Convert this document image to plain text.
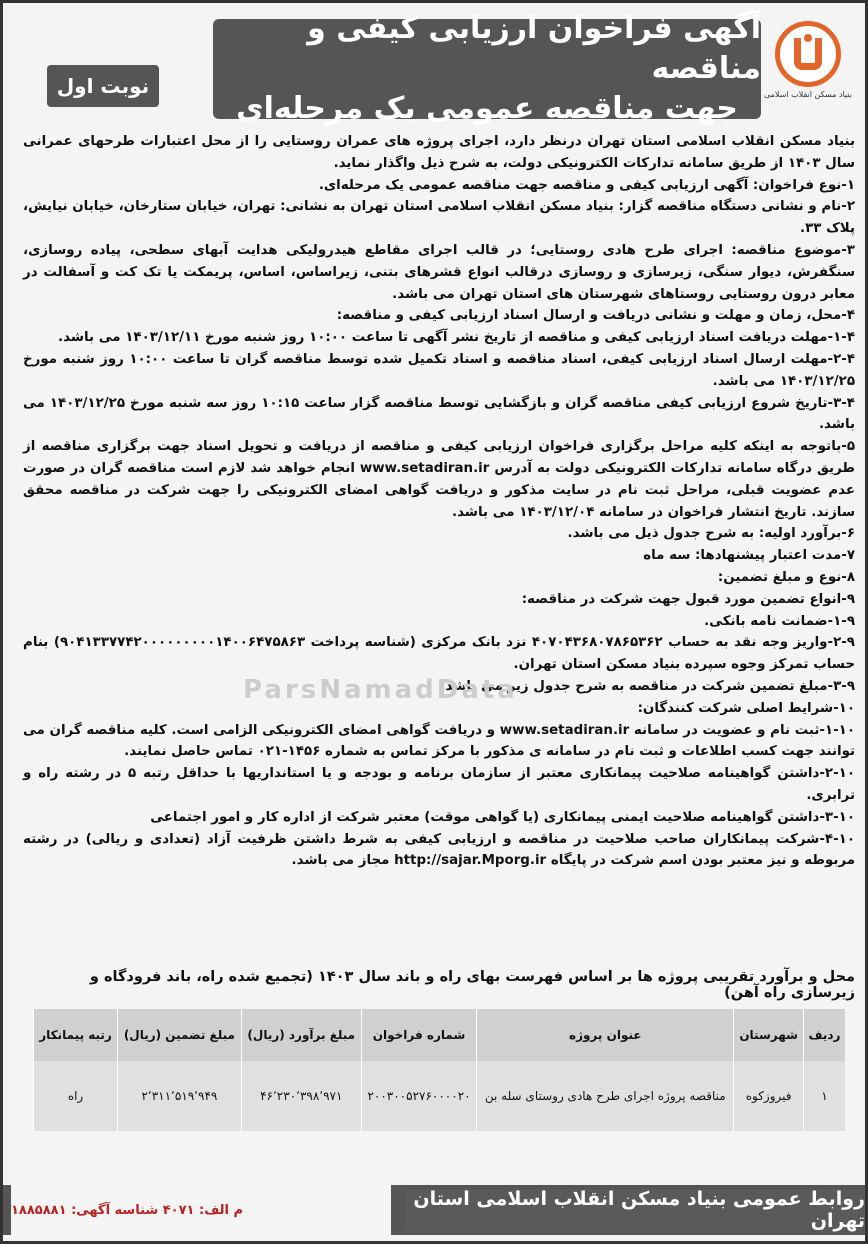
نوبت اول
آگهی فراخوان ارزیابی کیفی و مناقصه
جهت مناقصه عمومی یک مرحله‌ای	بنیاد مسکن انقلاب اسلامی

بنیاد مسکن انقلاب اسلامی استان تهران درنظر دارد، اجرای پروژه های عمران روستایی را از محل اعتبارات طرحهای عمرانی سال ۱۴۰۳ از طریق سامانه تدارکات الکترونیکی دولت، به شرح ذیل واگذار نماید.

۱-نوع فراخوان: آگهی ارزیابی کیفی و مناقصه جهت مناقصه عمومی یک مرحله‌ای.

۲-نام و نشانی دستگاه مناقصه گزار: بنیاد مسکن انقلاب اسلامی استان تهران به نشانی: تهران، خیابان ستارخان، خیابان نیایش، پلاک ۳۳.

۳-موضوع مناقصه: اجرای طرح هادی روستایی؛ در قالب اجرای مقاطع هیدرولیکی هدایت آبهای سطحی، پیاده روسازی، سنگفرش، دیوار سنگی، زیرسازی و روسازی درقالب انواع قشرهای بتنی، زیراساس، اساس، پریمکت یا تک کت و آسفالت در معابر درون روستایی روستاهای شهرستان های استان تهران می باشد.

۴-محل، زمان و مهلت و نشانی دریافت و ارسال اسناد ارزیابی کیفی و مناقصه:

۱-۴-مهلت دریافت اسناد ارزیابی کیفی و مناقصه از تاریخ نشر آگهی تا ساعت ۱۰:۰۰ روز شنبه مورخ ۱۴۰۳/۱۲/۱۱ می باشد.

۲-۴-مهلت ارسال اسناد ارزیابی کیفی، اسناد مناقصه و اسناد تکمیل شده توسط مناقصه گران تا ساعت ۱۰:۰۰ روز شنبه مورخ ۱۴۰۳/۱۲/۲۵ می باشد.

۳-۴-تاریخ شروع ارزیابی کیفی مناقصه گران و بازگشایی توسط مناقصه گزار ساعت ۱۰:۱۵ روز سه شنبه مورخ ۱۴۰۳/۱۲/۲۵ می باشد.

۵-باتوجه به اینکه کلیه مراحل برگزاری فراخوان ارزیابی کیفی و مناقصه از دریافت و تحویل اسناد جهت برگزاری مناقصه از طریق درگاه سامانه تدارکات الکترونیکی دولت به آدرس www.setadiran.ir انجام خواهد شد لازم است مناقصه گران در صورت عدم عضویت قبلی، مراحل ثبت نام در سایت مذکور و دریافت گواهی امضای الکترونیکی را جهت شرکت در مناقصه محقق سازند. تاریخ انتشار فراخوان در سامانه ۱۴۰۳/۱۲/۰۴ می باشد.

۶-برآورد اولیه: به شرح جدول ذیل می باشد.

۷-مدت اعتبار پیشنهادها: سه ماه

۸-نوع و مبلغ تضمین:

۹-انواع تضمین مورد قبول جهت شرکت در مناقصه:

۱-۹-ضمانت نامه بانکی.

۲-۹-واریز وجه نقد به حساب ۴۰۷۰۴۳۶۸۰۷۸۶۵۳۶۲ نزد بانک مرکزی (شناسه پرداخت ۹۰۴۱۳۳۷۷۴۲۰۰۰۰۰۰۰۰۰۱۴۰۰۶۴۷۵۸۶۳) بنام حساب تمرکز وجوه سپرده بنیاد مسکن استان تهران.

۳-۹-مبلغ تضمین شرکت در مناقصه به شرح جدول زیر می باشد.

۱۰-شرایط اصلی شرکت کنندگان:

۱-۱۰-ثبت نام و عضویت در سامانه www.setadiran.ir و دریافت گواهی امضای الکترونیکی الزامی است. کلیه مناقصه گران می توانند جهت کسب اطلاعات و ثبت نام در سامانه ی مذکور با مرکز تماس به شماره ۱۴۵۶-۰۲۱ تماس حاصل نمایند.

۲-۱۰-داشتن گواهینامه صلاحیت پیمانکاری معتبر از سازمان برنامه و بودجه و یا استانداریها با حداقل رتبه ۵ در رشته راه و ترابری.

۳-۱۰-داشتن گواهینامه صلاحیت ایمنی پیمانکاری (یا گواهی موقت) معتبر شرکت از اداره کار و امور اجتماعی

۴-۱۰-شرکت پیمانکاران صاحب صلاحیت در مناقصه و ارزیابی کیفی به شرط داشتن ظرفیت آزاد (تعدادی و ریالی) در رشته مربوطه و نیز معتبر بودن اسم شرکت در پایگاه http://sajar.Mporg.ir مجاز می باشد.

ParsNamadData
محل و برآورد تقریبی پروژه ها بر اساس فهرست بهای راه و باند سال ۱۴۰۳ (تجمیع شده راه، باند فرودگاه و زیرسازی راه آهن)
ردیف	شهرستان	عنوان پروژه	شماره فراخوان	مبلغ برآورد (ریال)	مبلغ تضمین (ریال)	رتبه پیمانکار
۱	فیروزکوه	مناقصه پروژه اجرای طرح هادی روستای سله بن	۲۰۰۳۰۰۵۲۷۶۰۰۰۰۲۰	۴۶٬۲۳۰٬۳۹۸٬۹۷۱	۲٬۳۱۱٬۵۱۹٬۹۴۹	راه
روابط عمومی بنیاد مسکن انقلاب اسلامی استان تهران
م الف: ۴۰۷۱ شناسه آگهی: ۱۸۸۵۸۸۱
